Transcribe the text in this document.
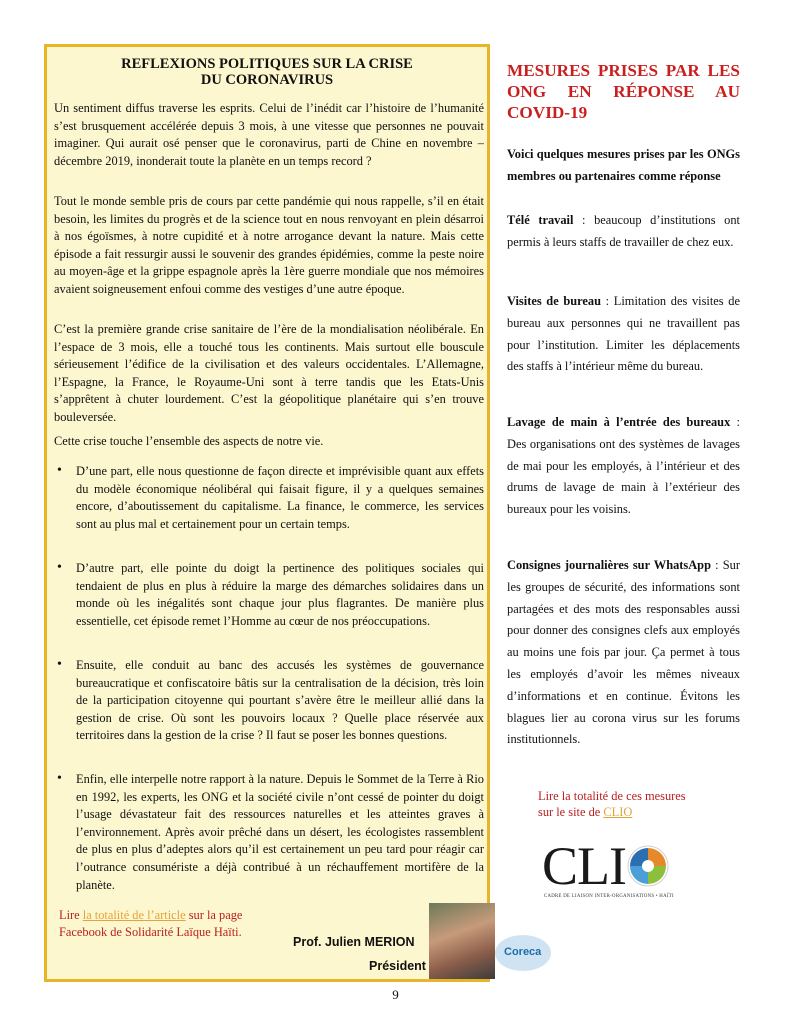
REFLEXIONS POLITIQUES SUR LA CRISE
DU CORONAVIRUS

Un sentiment diffus traverse les esprits. Celui de l’inédit car l’histoire de l’humanité s’est brusquement accélérée depuis 3 mois, à une vitesse que personnes ne pouvait imaginer. Qui aurait osé penser que le coronavirus, parti de Chine en novembre –décembre 2019, inonderait toute la planète en un temps record ?

Tout le monde semble pris de cours par cette pandémie qui nous rappelle, s’il en était besoin, les limites du progrès et de la science tout en nous renvoyant en plein désarroi à nos égoïsmes, à notre cupidité et à notre arrogance devant la nature. Mais cette épisode a fait ressurgir aussi le souvenir des grandes épidémies, comme la peste noire au moyen-âge et la grippe espagnole après la 1ère guerre mondiale que nos mémoires avaient soigneusement enfoui comme des vestiges d’une autre époque.

C’est la première grande crise sanitaire de l’ère de la mondialisation néolibérale. En l’espace de 3 mois, elle a touché tous les continents. Mais surtout elle bouscule sérieusement l’édifice de la civilisation et des valeurs occidentales. L’Allemagne, l’Espagne, la France, le Royaume-Uni sont à terre tandis que les Etats-Unis s’apprêtent à chuter lourdement. C’est la géopolitique planétaire qui s’en trouve bouleversée.

Cette crise touche l’ensemble des aspects de notre vie.

• D’une part, elle nous questionne de façon directe et imprévisible quant aux effets du modèle économique néolibéral qui faisait figure, il y a quelques semaines encore, d’aboutissement du capitalisme. La finance, le commerce, les services sont au plus mal et certainement pour un certain temps.

• D’autre part, elle pointe du doigt la pertinence des politiques sociales qui tendaient de plus en plus à réduire la marge des démarches solidaires dans un monde où les inégalités sont chaque jour plus flagrantes. De manière plus essentielle, cet épisode remet l’Homme au cœur de nos préoccupations.

• Ensuite, elle conduit au banc des accusés les systèmes de gouvernance bureaucratique et confiscatoire bâtis sur la centralisation de la décision, très loin de la participation citoyenne qui pourtant s’avère être le meilleur allié dans la gestion de crise. Où sont les pouvoirs locaux ? Quelle place réservée aux territoires dans la gestion de la crise ? Il faut se poser les bonnes questions.

• Enfin, elle interpelle notre rapport à la nature. Depuis le Sommet de la Terre à Rio en 1992, les experts, les ONG et la société civile n’ont cessé de pointer du doigt l’usage dévastateur fait des ressources naturelles et les atteintes graves à l’environnement. Après avoir prêché dans un désert, les écologistes rassemblent de plus en plus d’adeptes alors qu’il est certainement un peu tard pour réagir car l’outrance consumériste a déjà contribué à un réchauffement mortifère de la planète.

Lire la totalité de l’article sur la page
Facebook de Solidarité Laïque Haïti.
Prof. Julien MERION
Président
Coreca
MESURES PRISES PAR LES ONG EN RÉPONSE AU COVID-19

Voici quelques mesures prises par les ONGs membres ou partenaires comme réponse

Télé travail : beaucoup d’institutions ont permis à leurs staffs de travailler de chez eux.

Visites de bureau : Limitation des visites de bureau aux personnes qui ne travaillent pas pour l’institution. Limiter les déplacements des staffs à l’intérieur même du bureau.

Lavage de main à l’entrée des bureaux : Des organisations ont des systèmes de lavages de mai pour les employés, à l’intérieur et des drums de lavage de main à l’extérieur des bureaux pour les voisins.

Consignes journalières sur WhatsApp : Sur les groupes de sécurité, des informations sont partagées et des mots des responsables aussi pour donner des consignes clefs aux employés au moins une fois par jour. Ça permet à tous les employés d’avoir les mêmes niveaux d’informations et en continue. Évitons les blagues lier au corona virus sur les forums institutionnels.

Lire la totalité de ces mesures
sur le site de CLIO
CLI
CADRE DE LIAISON INTER-ORGANISATIONS • HAÏTI
9
